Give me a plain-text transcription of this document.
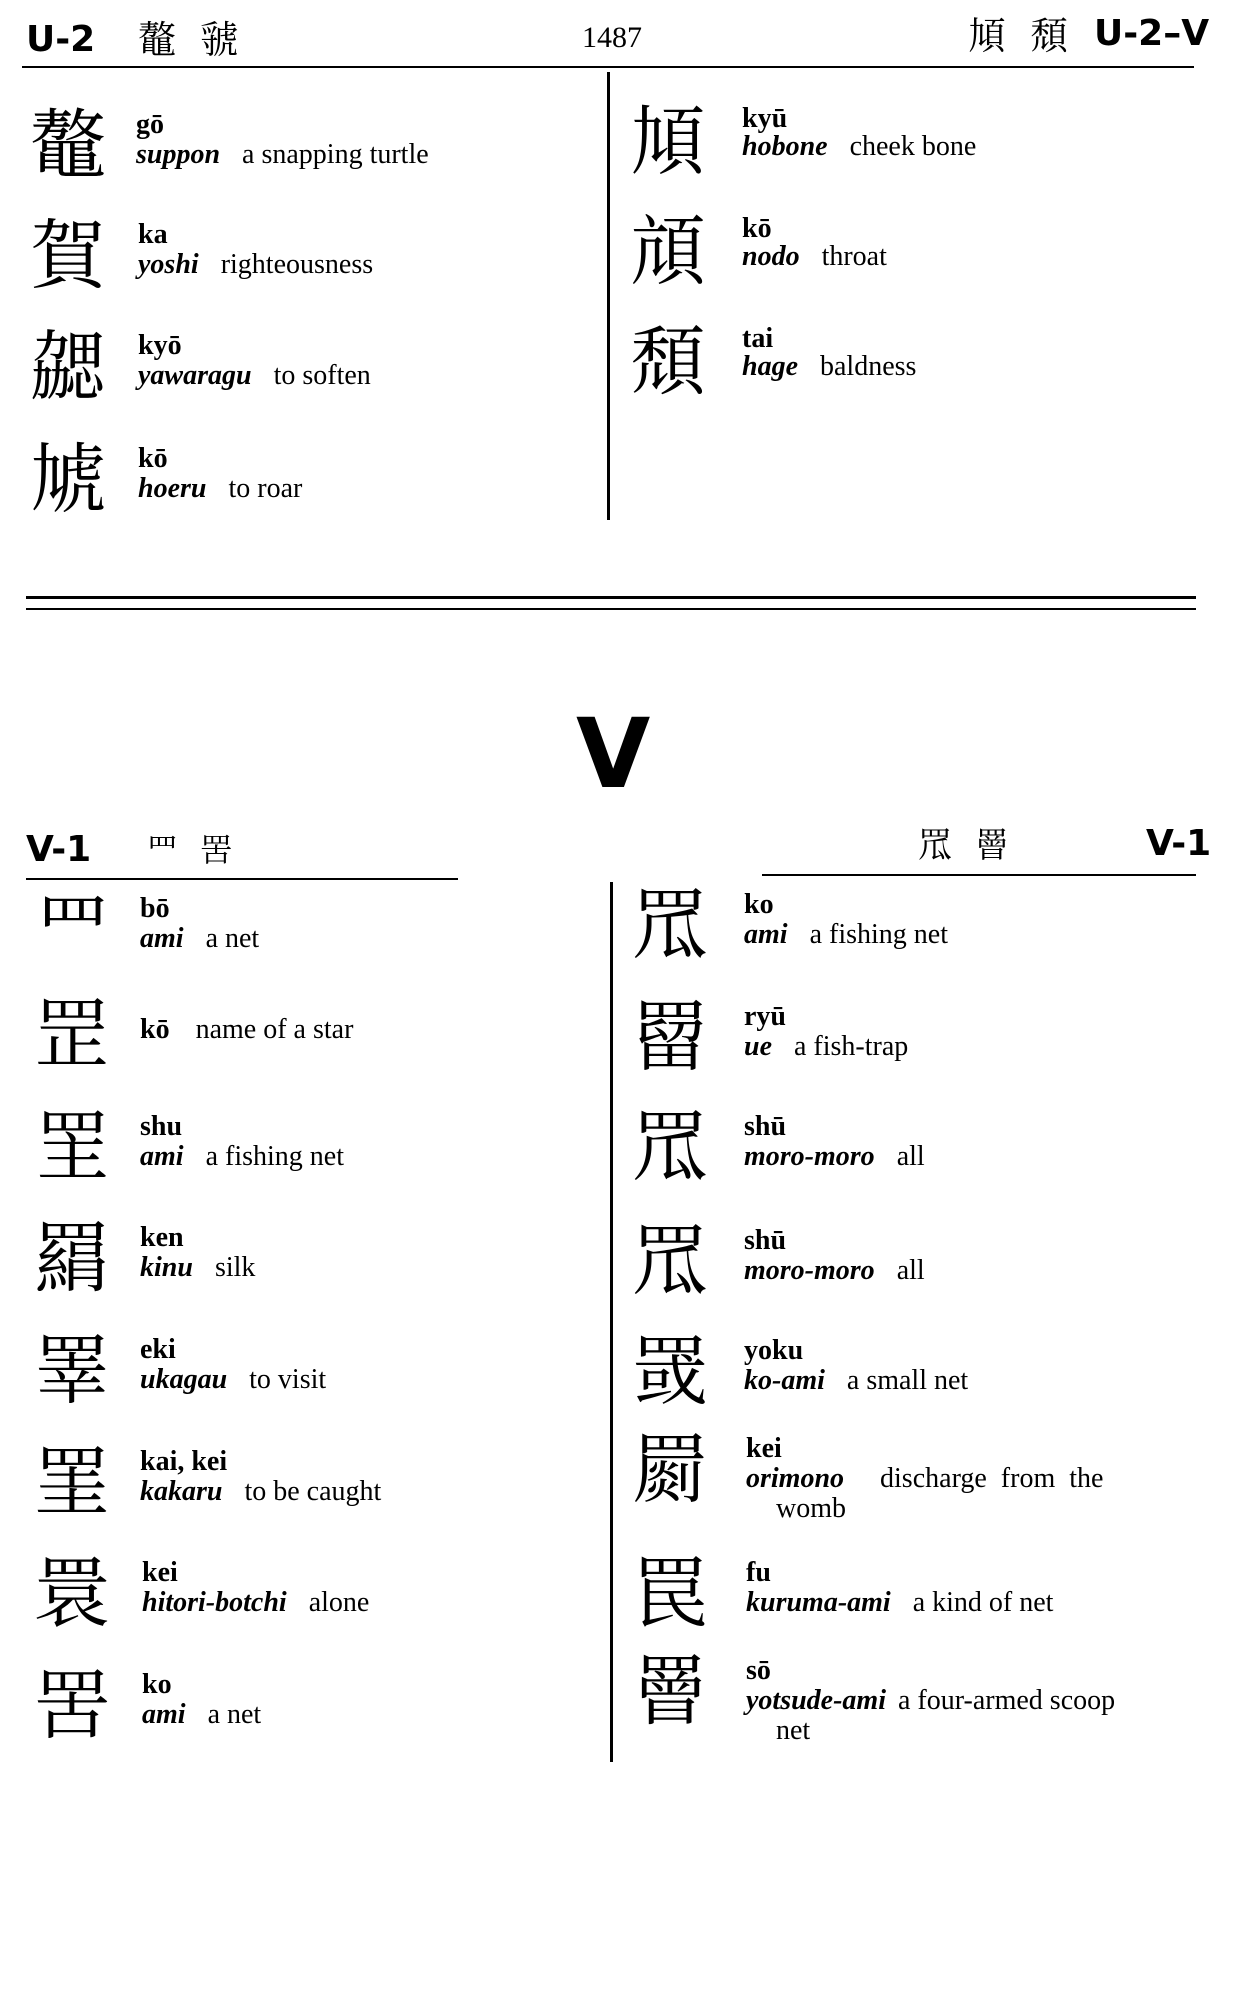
U-2 鼇 虢	1487	頄 頹 U-2–V
鼇 gō
suppon a snapping turtle
賀 ka
yoshi righteousness
勰 kyō
yawaragu to soften
虓 kō
hoeru to roar
頄 kyū
hobone cheek bone
頏 kō
nodo throat
頹 tai
hage baldness
V
V-1 罒 罟	罛 罾	V-1
罒 bō
ami a net
罡 kō name of a star
罜 shu
ami a fishing net
羂 ken
kinu silk
睪 eki
ukagau to visit
罣 kai, kei
kakaru to be caught
睘 kei
hitori-botchi alone
罟 ko
ami a net
罛 ko
ami a fishing net
罶 ryū
ue a fish-trap
罛 shū
moro-moro all
罛 shū
moro-moro all
罭 yoku
ko-ami a small net
罽 kei
orimono discharge  from  the
womb
罠 fu
kuruma-ami a kind of net
罾 sō
yotsude-ami a four-armed scoop
net
